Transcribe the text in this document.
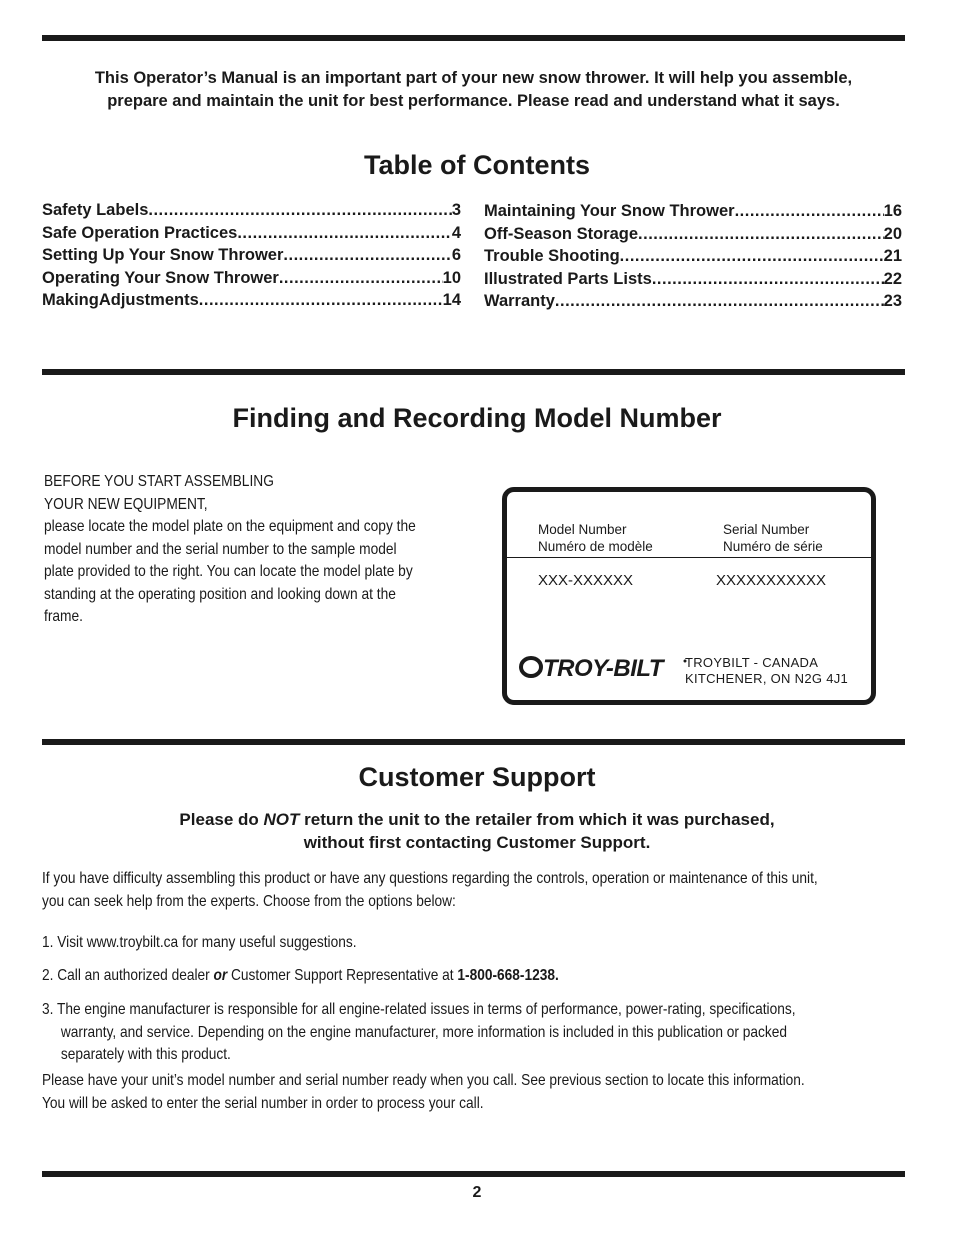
This Operator’s Manual is an important part of your new snow thrower. It will help you assemble,
prepare and maintain the unit for best performance. Please read and understand what it says.
Table of Contents
Safety Labels .....	3
Safe Operation Practices .....	4
Setting Up Your Snow Thrower .....	6
Operating Your Snow Thrower .....	10
MakingAdjustments .....	14
Maintaining Your Snow Thrower .....	16
Off-Season Storage .....	20
Trouble Shooting .....	21
Illustrated Parts Lists .....	22
Warranty .....	23
Finding and Recording Model Number
BEFORE YOU START ASSEMBLING
YOUR NEW EQUIPMENT,
please locate the model plate on the equipment and copy the
model number and the serial number to the sample model
plate provided to the right. You can locate the model plate by
standing at the operating position and looking down at the
frame.
Model Number
Numéro de modèle
Serial Number
Numéro de série
XXX-XXXXXX	XXXXXXXXXXX
TROY-BILT TROYBILT - CANADA
KITCHENER, ON N2G 4J1
Customer Support
Please do NOT return the unit to the retailer from which it was purchased,
without first contacting Customer Support.
If you have difficulty assembling this product or have any questions regarding the controls, operation or maintenance of this unit,
you can seek help from the experts. Choose from the options below:
1. Visit www.troybilt.ca for many useful suggestions.
2. Call an authorized dealer or Customer Support Representative at 1-800-668-1238.
3. The engine manufacturer is responsible for all engine-related issues in terms of performance, power-rating, specifications,
warranty, and service. Depending on the engine manufacturer, more information is included in this publication or packed
separately with this product.
Please have your unit’s model number and serial number ready when you call. See previous section to locate this information.
You will be asked to enter the serial number in order to process your call.
2
